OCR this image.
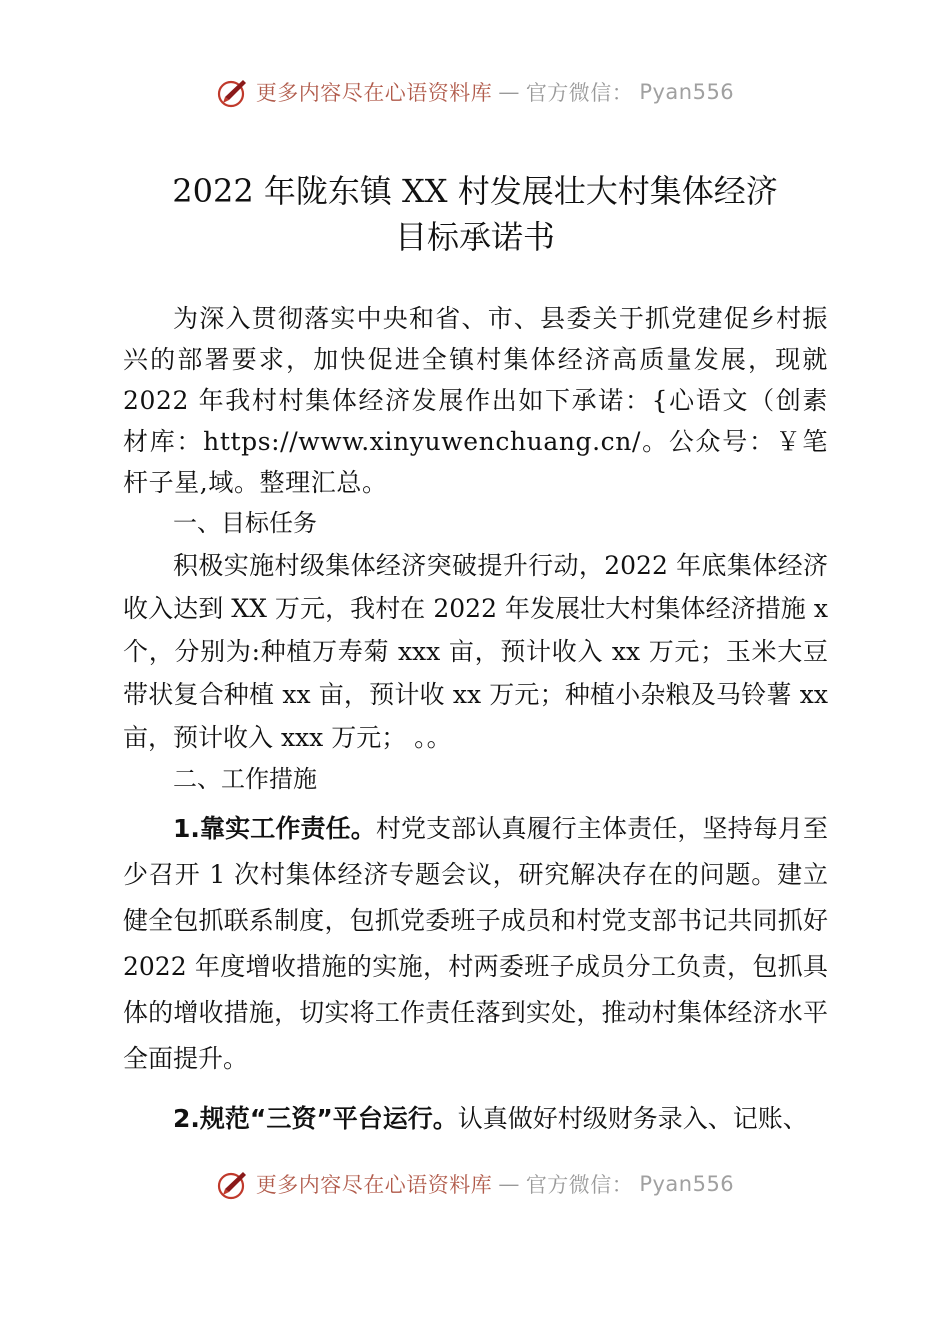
更多内容尽在心语资料库 — 官方微信： Pyan556
2022 年陇东镇 XX 村发展壮大村集体经济
目标承诺书

为深入贯彻落实中央和省、市、县委关于抓党建促乡村振兴的部署要求，加快促进全镇村集体经济高质量发展，现就2022 年我村村集体经济发展作出如下承诺：{心语文（创素材库：https://www.xinyuwenchuang.cn/。公众号：￥笔杆子星,域。整理汇总。

一、目标任务

积极实施村级集体经济突破提升行动，2022 年底集体经济收入达到 XX 万元，我村在 2022 年发展壮大村集体经济措施 x 个，分别为:种植万寿菊 xxx 亩，预计收入 xx 万元；玉米大豆带状复合种植 xx 亩，预计收 xx 万元；种植小杂粮及马铃薯 xx 亩，预计收入 xxx 万元； 。。

二、工作措施

1.靠实工作责任。村党支部认真履行主体责任，坚持每月至少召开 1 次村集体经济专题会议，研究解决存在的问题。建立健全包抓联系制度，包抓党委班子成员和村党支部书记共同抓好2022 年度增收措施的实施，村两委班子成员分工负责，包抓具体的增收措施，切实将工作责任落到实处，推动村集体经济水平全面提升。

2.规范“三资”平台运行。认真做好村级财务录入、记账、

更多内容尽在心语资料库 — 官方微信： Pyan556
